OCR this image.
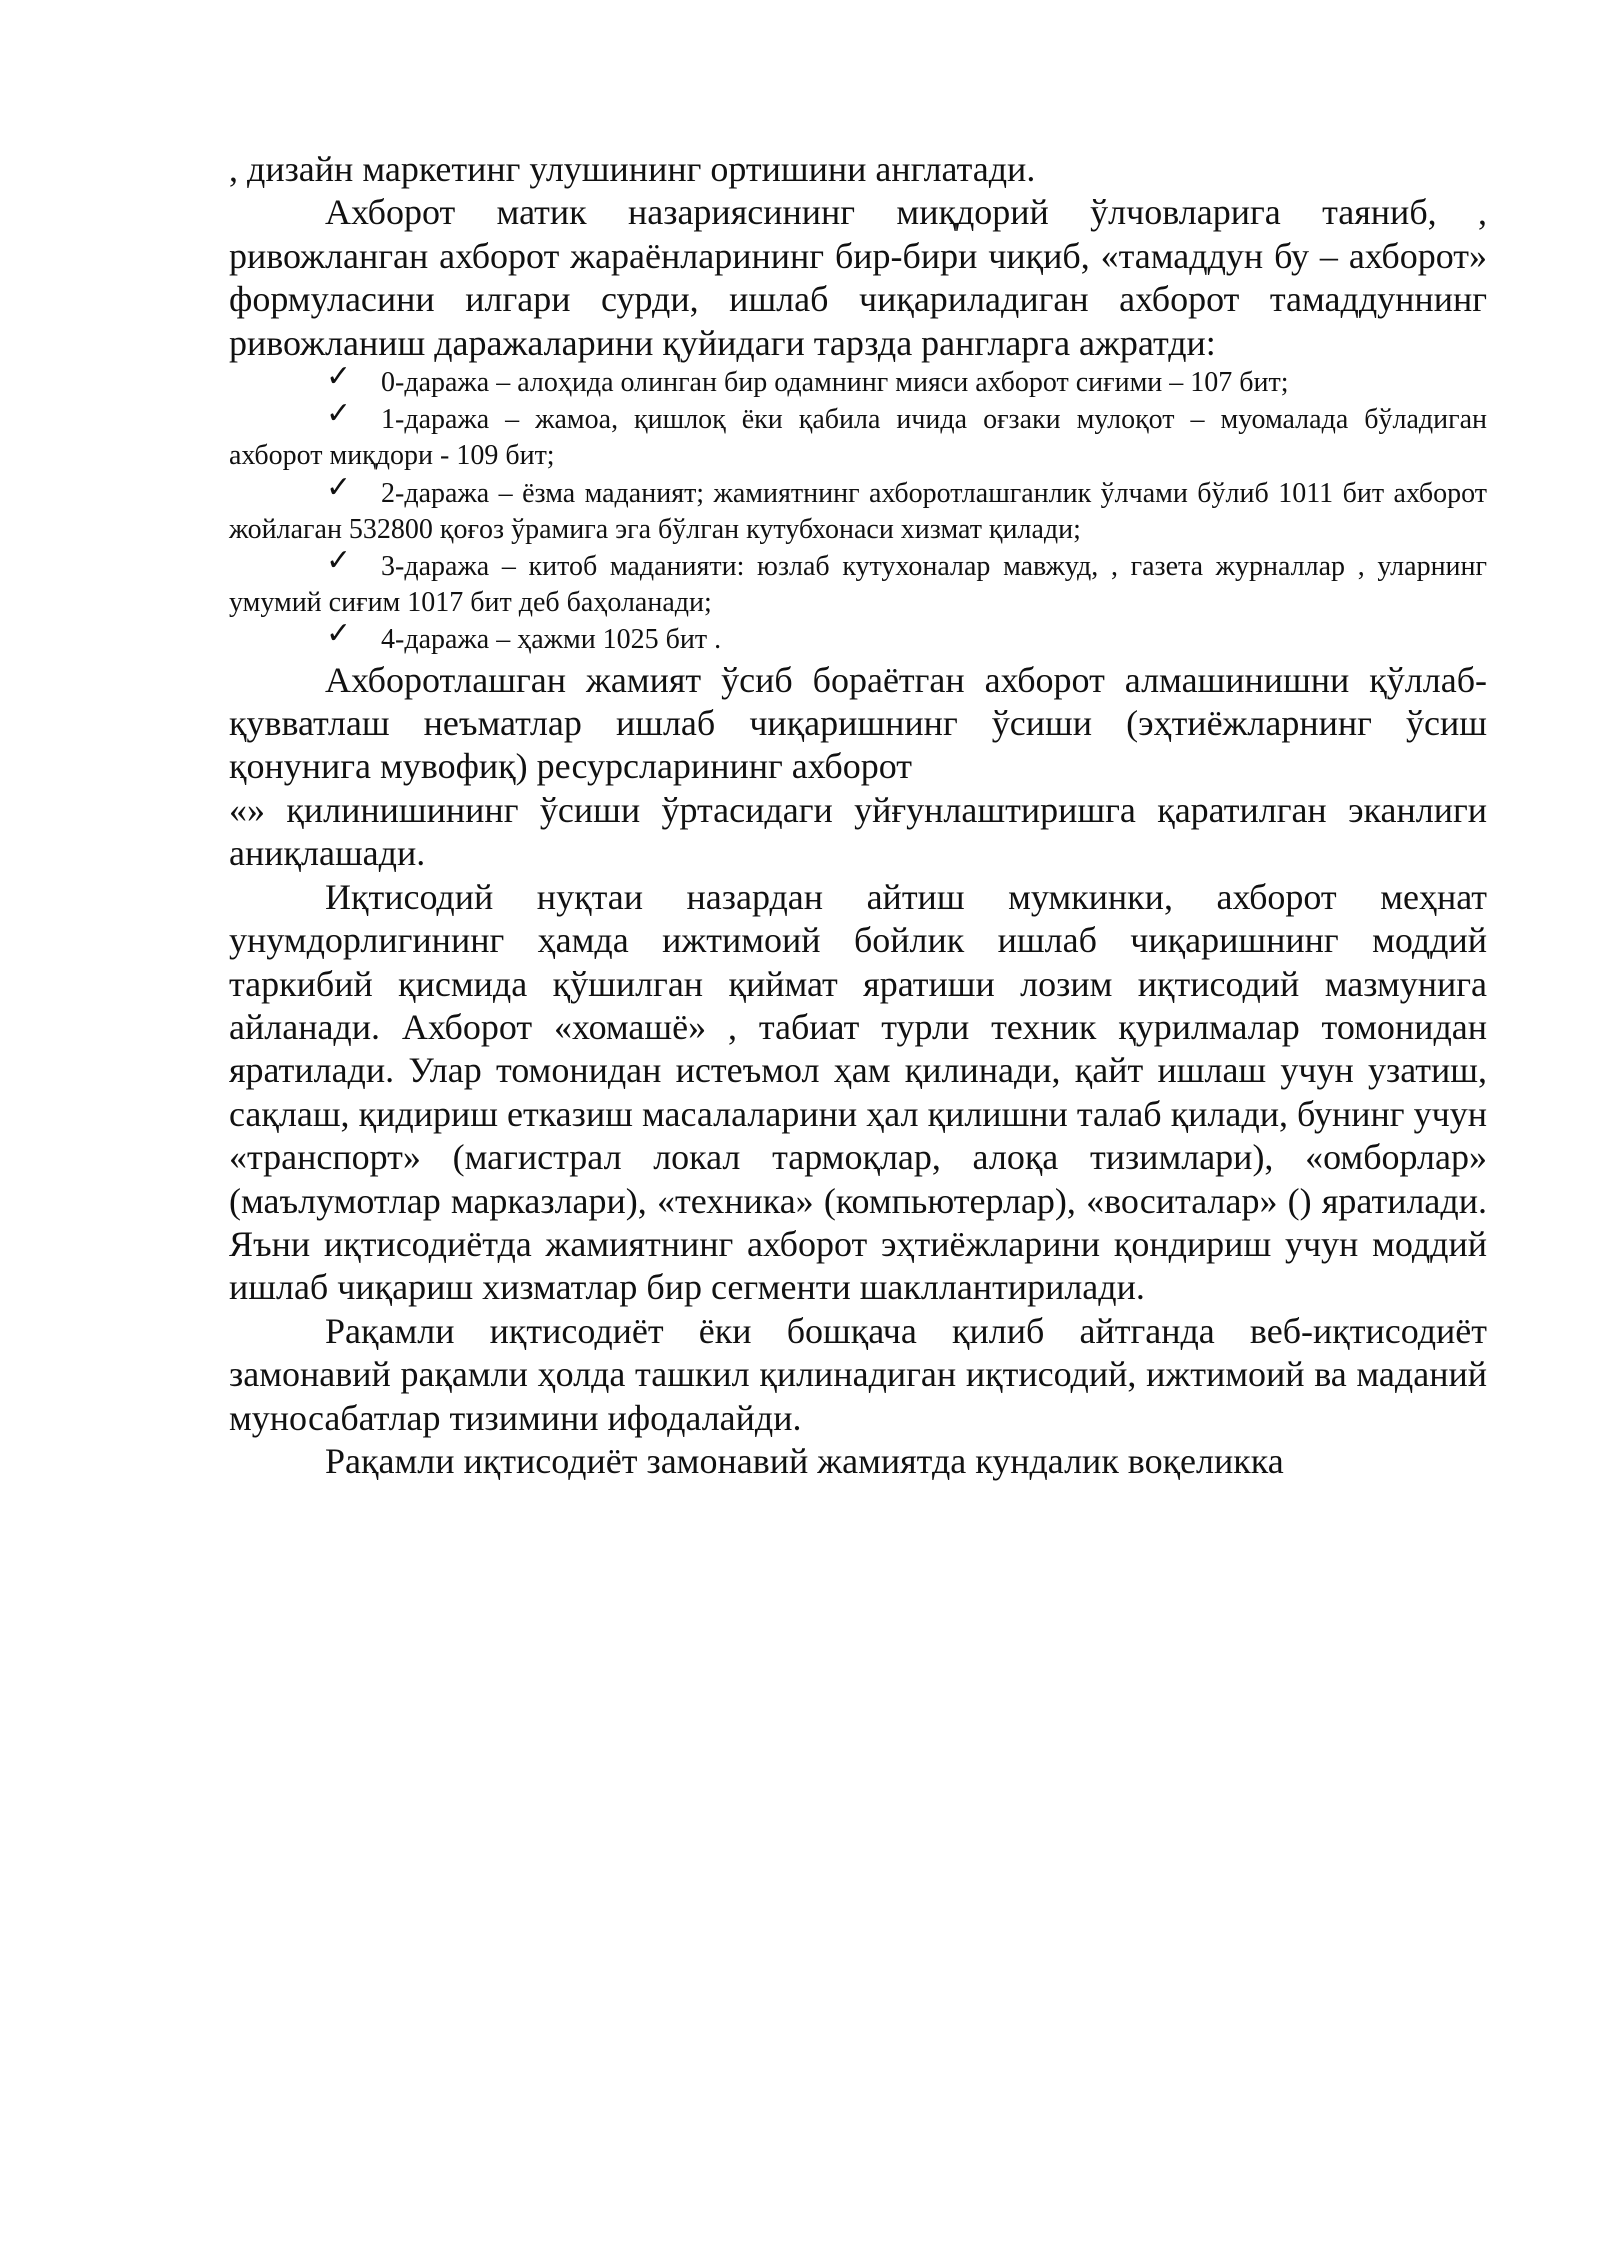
, дизайн маркетинг улушининг ортишини англатади.

Ахборот матик назариясининг миқдорий ўлчовларига таяниб, , ривожланган ахборот жараёнларининг бир-бири чиқиб, «тамаддун бу – ахборот» формуласини илгари сурди, ишлаб чиқариладиган ахборот тамаддуннинг ривожланиш даражаларини қуйидаги тарзда рангларга ажратди:

✓ 0-даража – алоҳида олинган бир одамнинг мияси ахборот сиғими – 107 бит;
✓ 1-даража – жамоа, қишлоқ ёки қабила ичида оғзаки мулоқот – муомалада бўладиган ахборот миқдори - 109 бит;
✓ 2-даража – ёзма маданият; жамиятнинг ахборотлашганлик ўлчами бўлиб 1011 бит ахборот жойлаган 532800 қоғоз ўрамига эга бўлган кутубхонаси хизмат қилади;
✓ 3-даража – китоб маданияти: юзлаб кутухоналар мавжуд, , газета журналлар , уларнинг умумий сиғим 1017 бит деб баҳоланади;
✓ 4-даража – ҳажми 1025 бит .

Ахборотлашган жамият ўсиб бораётган ахборот алмашинишни қўллаб-қувватлаш неъматлар ишлаб чиқаришнинг ўсиши (эҳтиёжларнинг ўсиш қонунига мувофиқ) ресурсларининг ахборот

«» қилинишининг ўсиши ўртасидаги уйғунлаштиришга қаратилган эканлиги аниқлашади.

Иқтисодий нуқтаи назардан айтиш мумкинки, ахборот меҳнат унумдорлигининг ҳамда ижтимоий бойлик ишлаб чиқаришнинг моддий таркибий қисмида қўшилган қиймат яратиши лозим иқтисодий мазмунига айланади. Ахборот «хомашё» , табиат турли техник қурилмалар томонидан яратилади. Улар томонидан истеъмол ҳам қилинади, қайт ишлаш учун узатиш, сақлаш, қидириш етказиш масалаларини ҳал қилишни талаб қилади, бунинг учун «транспорт» (магистрал локал тармоқлар, алоқа тизимлари), «омборлар» (маълумотлар марказлари), «техника» (компьютерлар), «воситалар» () яратилади. Яъни иқтисодиётда жамиятнинг ахборот эҳтиёжларини қондириш учун моддий ишлаб чиқариш хизматлар бир сегменти шакллантирилади.

Рақамли иқтисодиёт ёки бошқача қилиб айтганда веб-иқтисодиёт замонавий рақамли ҳолда ташкил қилинадиган иқтисодий, ижтимоий ва маданий муносабатлар тизимини ифодалайди.

Рақамли иқтисодиёт замонавий жамиятда кундалик воқеликка
